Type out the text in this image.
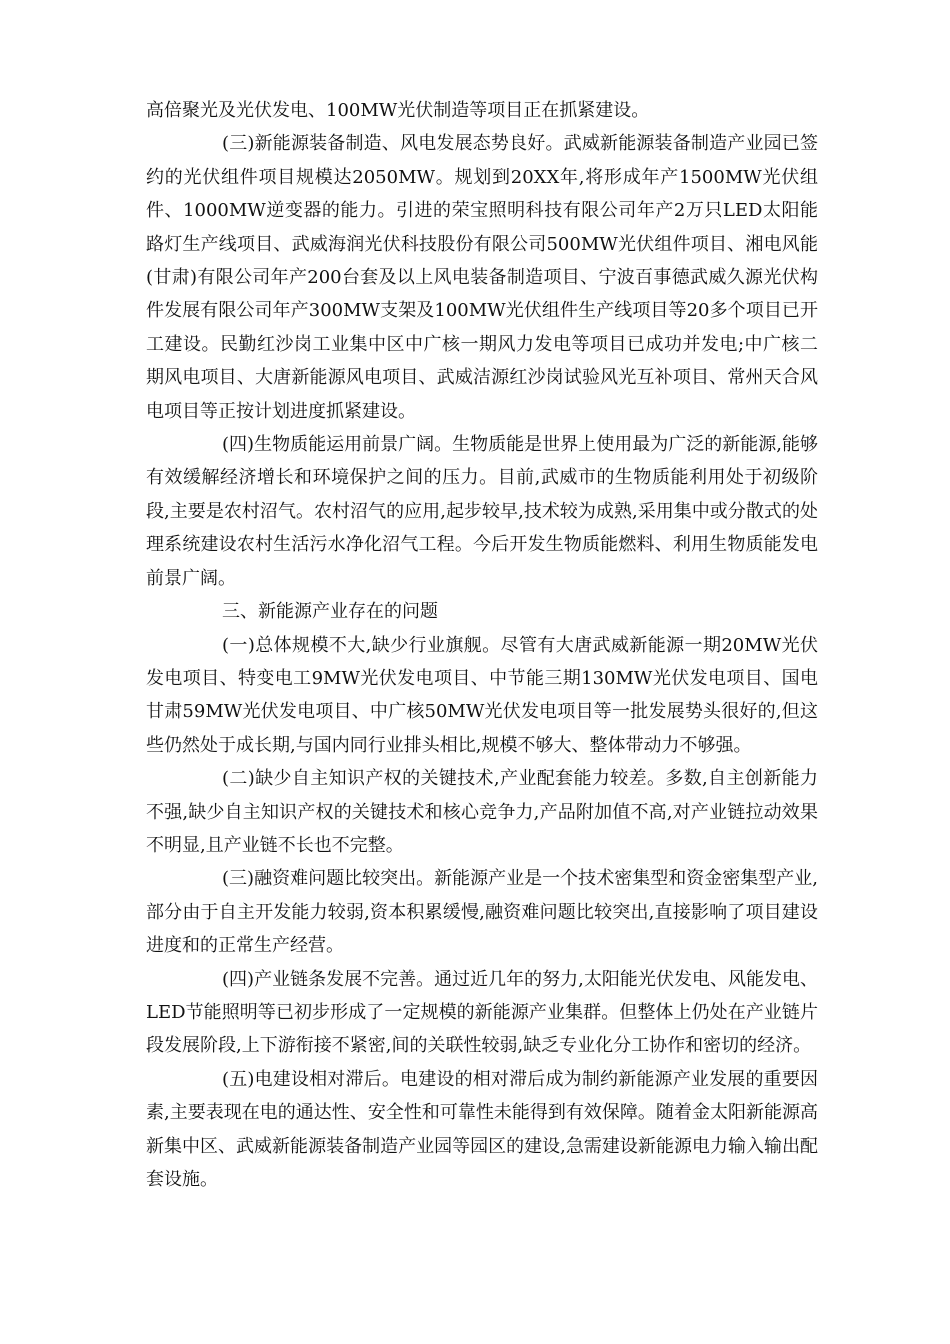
高倍聚光及光伏发电、100MW光伏制造等项目正在抓紧建设。

(三)新能源装备制造、风电发展态势良好。武威新能源装备制造产业园已签约的光伏组件项目规模达2050MW。规划到20XX年,将形成年产1500MW光伏组件、1000MW逆变器的能力。引进的荣宝照明科技有限公司年产2万只LED太阳能路灯生产线项目、武威海润光伏科技股份有限公司500MW光伏组件项目、湘电风能(甘肃)有限公司年产200台套及以上风电装备制造项目、宁波百事德武威久源光伏构件发展有限公司年产300MW支架及100MW光伏组件生产线项目等20多个项目已开工建设。民勤红沙岗工业集中区中广核一期风力发电等项目已成功并发电;中广核二期风电项目、大唐新能源风电项目、武威洁源红沙岗试验风光互补项目、常州天合风电项目等正按计划进度抓紧建设。

(四)生物质能运用前景广阔。生物质能是世界上使用最为广泛的新能源,能够有效缓解经济增长和环境保护之间的压力。目前,武威市的生物质能利用处于初级阶段,主要是农村沼气。农村沼气的应用,起步较早,技术较为成熟,采用集中或分散式的处理系统建设农村生活污水净化沼气工程。今后开发生物质能燃料、利用生物质能发电前景广阔。

三、新能源产业存在的问题

(一)总体规模不大,缺少行业旗舰。尽管有大唐武威新能源一期20MW光伏发电项目、特变电工9MW光伏发电项目、中节能三期130MW光伏发电项目、国电甘肃59MW光伏发电项目、中广核50MW光伏发电项目等一批发展势头很好的,但这些仍然处于成长期,与国内同行业排头相比,规模不够大、整体带动力不够强。

(二)缺少自主知识产权的关键技术,产业配套能力较差。多数,自主创新能力不强,缺少自主知识产权的关键技术和核心竞争力,产品附加值不高,对产业链拉动效果不明显,且产业链不长也不完整。

(三)融资难问题比较突出。新能源产业是一个技术密集型和资金密集型产业,部分由于自主开发能力较弱,资本积累缓慢,融资难问题比较突出,直接影响了项目建设进度和的正常生产经营。

(四)产业链条发展不完善。通过近几年的努力,太阳能光伏发电、风能发电、LED节能照明等已初步形成了一定规模的新能源产业集群。但整体上仍处在产业链片段发展阶段,上下游衔接不紧密,间的关联性较弱,缺乏专业化分工协作和密切的经济。

(五)电建设相对滞后。电建设的相对滞后成为制约新能源产业发展的重要因素,主要表现在电的通达性、安全性和可靠性未能得到有效保障。随着金太阳新能源高新集中区、武威新能源装备制造产业园等园区的建设,急需建设新能源电力输入输出配套设施。
